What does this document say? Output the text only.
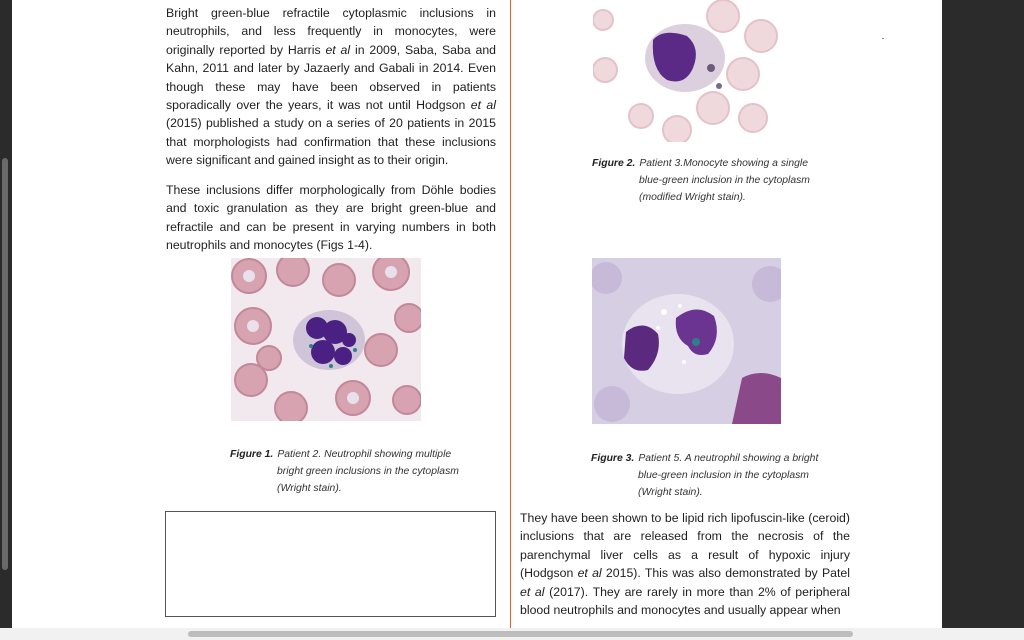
Bright green-blue refractile cytoplasmic inclusions in neutrophils, and less frequently in monocytes, were originally reported by Harris et al in 2009, Saba, Saba and Kahn, 2011 and later by Jazaerly and Gabali in 2014. Even though these may have been observed in patients sporadically over the years, it was not until Hodgson et al (2015) published a study on a series of 20 patients in 2015 that morphologists had confirmation that these inclusions were significant and gained insight as to their origin.

These inclusions differ morphologically from Döhle bodies and toxic granulation as they are bright green-blue and refractile and can be present in varying numbers in both neutrophils and monocytes (Figs 1-4).

Figure 1. Patient 2. Neutrophil showing multiple
bright green inclusions in the cytoplasm
(Wright stain).

Figure 2. Patient 3.Monocyte showing a single
blue-green inclusion in the cytoplasm
(modified Wright stain).

Figure 3. Patient 5. A neutrophil showing a bright
blue-green inclusion in the cytoplasm
(Wright stain).

They have been shown to be lipid rich lipofuscin-like (ceroid) inclusions that are released from the necrosis of the parenchymal liver cells as a result of hypoxic injury (Hodgson et al 2015). This was also demonstrated by Patel et al (2017). They are rarely in more than 2% of peripheral blood neutrophils and monocytes and usually appear when
